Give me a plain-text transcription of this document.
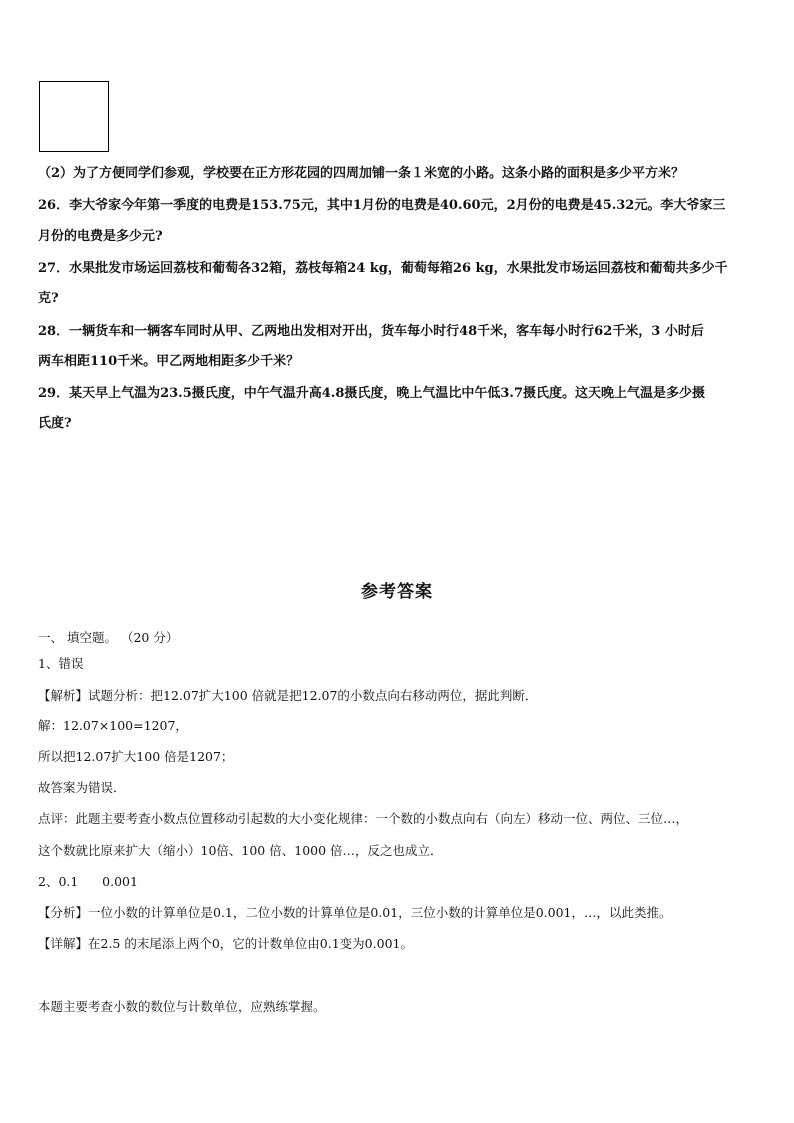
（2）为了方便同学们参观，学校要在正方形花园的四周加铺一条１米宽的小路。这条小路的面积是多少平方米？
26．李大爷家今年第一季度的电费是153.75元，其中1月份的电费是40.60元，2月份的电费是45.32元。李大爷家三
月份的电费是多少元?
27．水果批发市场运回荔枝和葡萄各32箱，荔枝每箱24 kg，葡萄每箱26 kg，水果批发市场运回荔枝和葡萄共多少千
克?
28．一辆货车和一辆客车同时从甲、乙两地出发相对开出，货车每小时行48千米，客车每小时行62千米，3 小时后
两车相距110千米。甲乙两地相距多少千米？
29．某天早上气温为23.5摄氏度，中午气温升高4.8摄氏度，晚上气温比中午低3.7摄氏度。这天晚上气温是多少摄
氏度?
参考答案
一、 填空题。 （20 分）
1、错误
【解析】试题分析：把12.07扩大100 倍就是把12.07的小数点向右移动两位，据此判断．
解：12.07×100=1207，
所以把12.07扩大100 倍是1207；
故答案为错误．
点评：此题主要考查小数点位置移动引起数的大小变化规律：一个数的小数点向右（向左）移动一位、两位、三位…，
这个数就比原来扩大（缩小）10倍、100 倍、1000 倍…，反之也成立．
2、0.1      0.001
【分析】一位小数的计算单位是0.1，二位小数的计算单位是0.01，三位小数的计算单位是0.001，…，以此类推。
【详解】在2.5 的末尾添上两个0，它的计数单位由0.1变为0.001。
本题主要考查小数的数位与计数单位，应熟练掌握。
